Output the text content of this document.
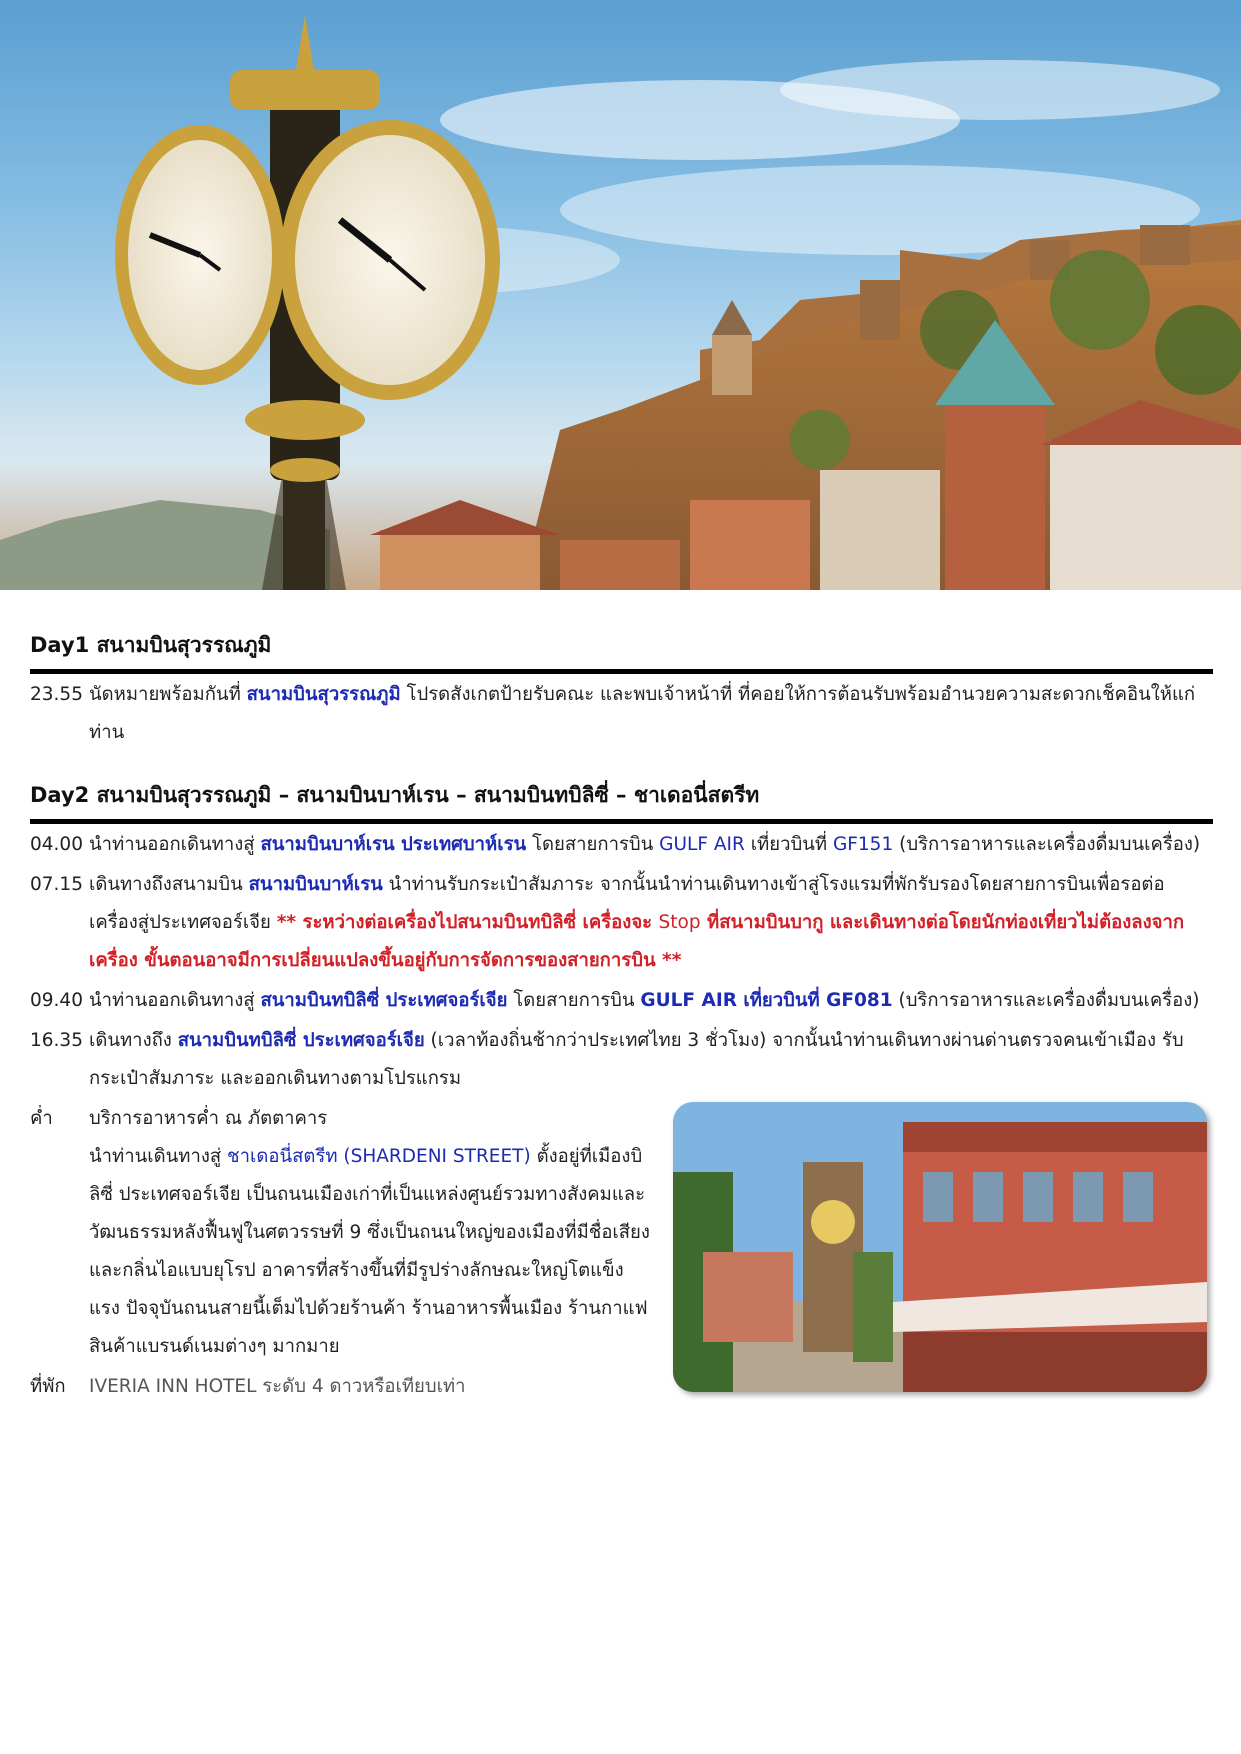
Day1 สนามบินสุวรรณภูมิ
23.55 นัดหมายพร้อมกันที่ สนามบินสุวรรณภูมิ โปรดสังเกตป้ายรับคณะ และพบเจ้าหน้าที่ ที่คอยให้การต้อนรับพร้อมอำนวยความสะดวกเช็คอินให้แก่ท่าน
Day2 สนามบินสุวรรณภูมิ – สนามบินบาห์เรน – สนามบินทบิลิซี่ – ชาเดอนี่สตรีท
04.00 นำท่านออกเดินทางสู่ สนามบินบาห์เรน ประเทศบาห์เรน โดยสายการบิน GULF AIR เที่ยวบินที่ GF151 (บริการอาหารและเครื่องดื่มบนเครื่อง)
07.15 เดินทางถึงสนามบิน สนามบินบาห์เรน นำท่านรับกระเป๋าสัมภาระ จากนั้นนำท่านเดินทางเข้าสู่โรงแรมที่พักรับรองโดยสายการบินเพื่อรอต่อเครื่องสู่ประเทศจอร์เจีย ** ระหว่างต่อเครื่องไปสนามบินทบิลิซี่ เครื่องจะ Stop ที่สนามบินบากู และเดินทางต่อโดยนักท่องเที่ยวไม่ต้องลงจากเครื่อง ขั้นตอนอาจมีการเปลี่ยนแปลงขึ้นอยู่กับการจัดการของสายการบิน **
09.40 นำท่านออกเดินทางสู่ สนามบินทบิลิซี่ ประเทศจอร์เจีย โดยสายการบิน GULF AIR เที่ยวบินที่ GF081 (บริการอาหารและเครื่องดื่มบนเครื่อง)
16.35 เดินทางถึง สนามบินทบิลิซี่ ประเทศจอร์เจีย (เวลาท้องถิ่นช้ากว่าประเทศไทย 3 ชั่วโมง) จากนั้นนำท่านเดินทางผ่านด่านตรวจคนเข้าเมือง รับกระเป๋าสัมภาระ และออกเดินทางตามโปรแกรม
ค่ำ	บริการอาหารค่ำ ณ ภัตตาคาร
นำท่านเดินทางสู่ ชาเดอนี่สตรีท (SHARDENI STREET) ตั้งอยู่ที่เมืองบิลิซี่ ประเทศจอร์เจีย เป็นถนนเมืองเก่าที่เป็นแหล่งศูนย์รวมทางสังคมและวัฒนธรรมหลังฟื้นฟูในศตวรรษที่ 9 ซึ่งเป็นถนนใหญ่ของเมืองที่มีชื่อเสียงและกลิ่นไอแบบยุโรป อาคารที่สร้างขึ้นที่มีรูปร่างลักษณะใหญ่โตแข็งแรง ปัจจุบันถนนสายนี้เต็มไปด้วยร้านค้า ร้านอาหารพื้นเมือง ร้านกาแฟ สินค้าแบรนด์เนมต่างๆ มากมาย
ที่พัก	IVERIA INN HOTEL ระดับ 4 ดาวหรือเทียบเท่า
